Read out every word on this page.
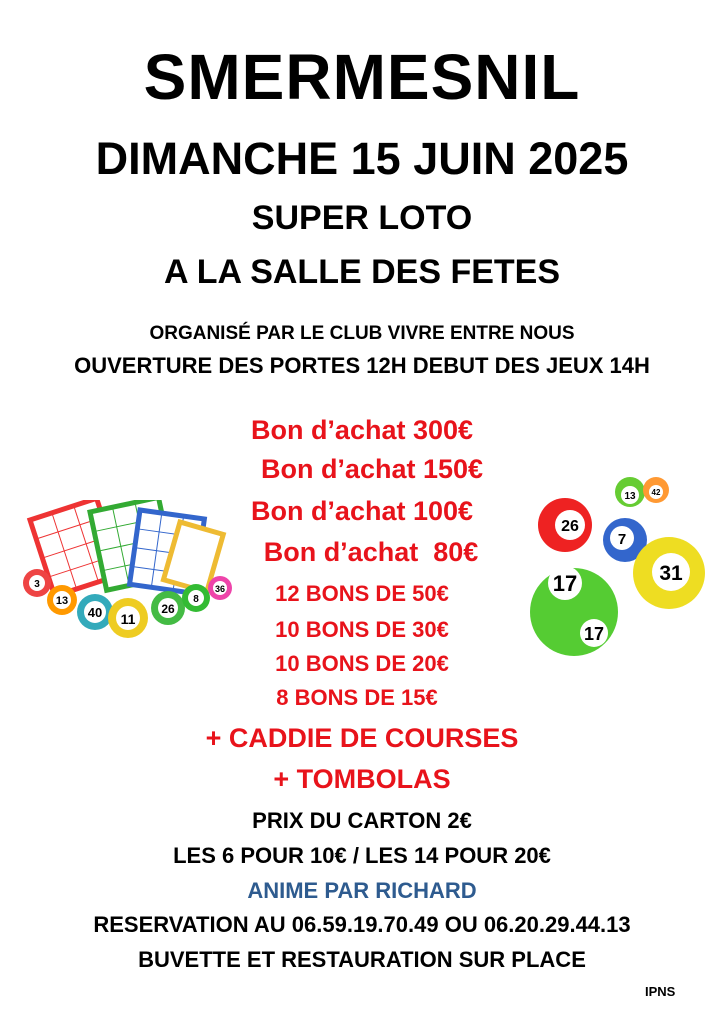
SMERMESNIL
DIMANCHE 15 JUIN 2025
SUPER LOTO
A LA SALLE DES FETES
ORGANISÉ PAR LE CLUB VIVRE ENTRE NOUS
OUVERTURE DES PORTES 12H DEBUT DES JEUX 14H
Bon d’achat 300€
Bon d’achat 150€
Bon d’achat 100€
Bon d’achat  80€
12 BONS DE 50€
10 BONS DE 30€
10 BONS DE 20€
8 BONS DE 15€
+ CADDIE DE COURSES
+ TOMBOLAS
PRIX DU CARTON 2€
LES 6 POUR 10€ / LES 14 POUR 20€
ANIME PAR RICHARD
RESERVATION AU 06.59.19.70.49 OU 06.20.29.44.13
BUVETTE ET RESTAURATION SUR PLACE
IPNS
3
13
40 11
26
8
36
13 42
26
7
31
17
17
